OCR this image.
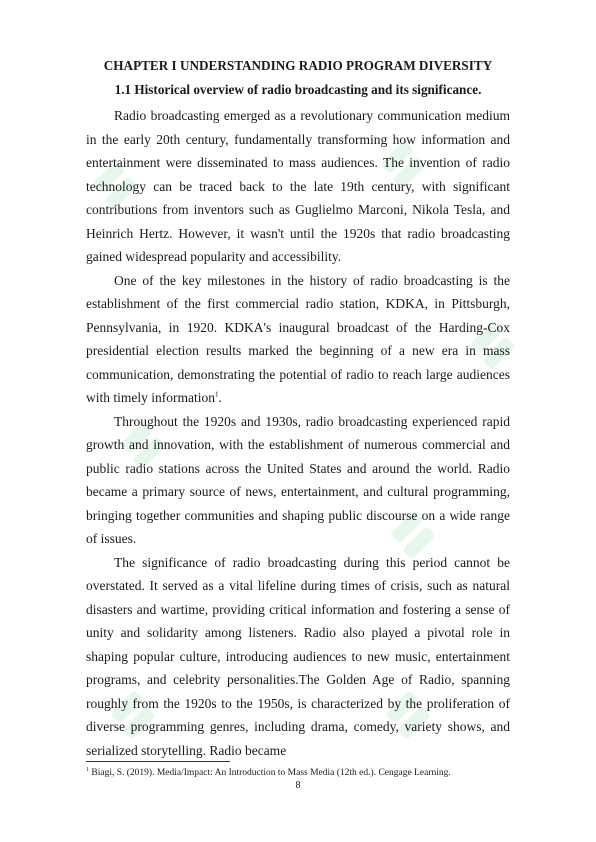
CHAPTER I UNDERSTANDING RADIO PROGRAM DIVERSITY
1.1 Historical overview of radio broadcasting and its significance.

Radio broadcasting emerged as a revolutionary communication medium in the early 20th century, fundamentally transforming how information and entertainment were disseminated to mass audiences. The invention of radio technology can be traced back to the late 19th century, with significant contributions from inventors such as Guglielmo Marconi, Nikola Tesla, and Heinrich Hertz. However, it wasn't until the 1920s that radio broadcasting gained widespread popularity and accessibility.

One of the key milestones in the history of radio broadcasting is the establishment of the first commercial radio station, KDKA, in Pittsburgh, Pennsylvania, in 1920. KDKA's inaugural broadcast of the Harding-Cox presidential election results marked the beginning of a new era in mass communication, demonstrating the potential of radio to reach large audiences with timely information$^1$.

Throughout the 1920s and 1930s, radio broadcasting experienced rapid growth and innovation, with the establishment of numerous commercial and public radio stations across the United States and around the world. Radio became a primary source of news, entertainment, and cultural programming, bringing together communities and shaping public discourse on a wide range of issues.

The significance of radio broadcasting during this period cannot be overstated. It served as a vital lifeline during times of crisis, such as natural disasters and wartime, providing critical information and fostering a sense of unity and solidarity among listeners. Radio also played a pivotal role in shaping popular culture, introducing audiences to new music, entertainment programs, and celebrity personalities.The Golden Age of Radio, spanning roughly from the 1920s to the 1950s, is characterized by the proliferation of diverse programming genres, including drama, comedy, variety shows, and serialized storytelling. Radio became

$^1$ Biagi, S. (2019). Media/Impact: An Introduction to Mass Media (12th ed.). Cengage Learning.

8
